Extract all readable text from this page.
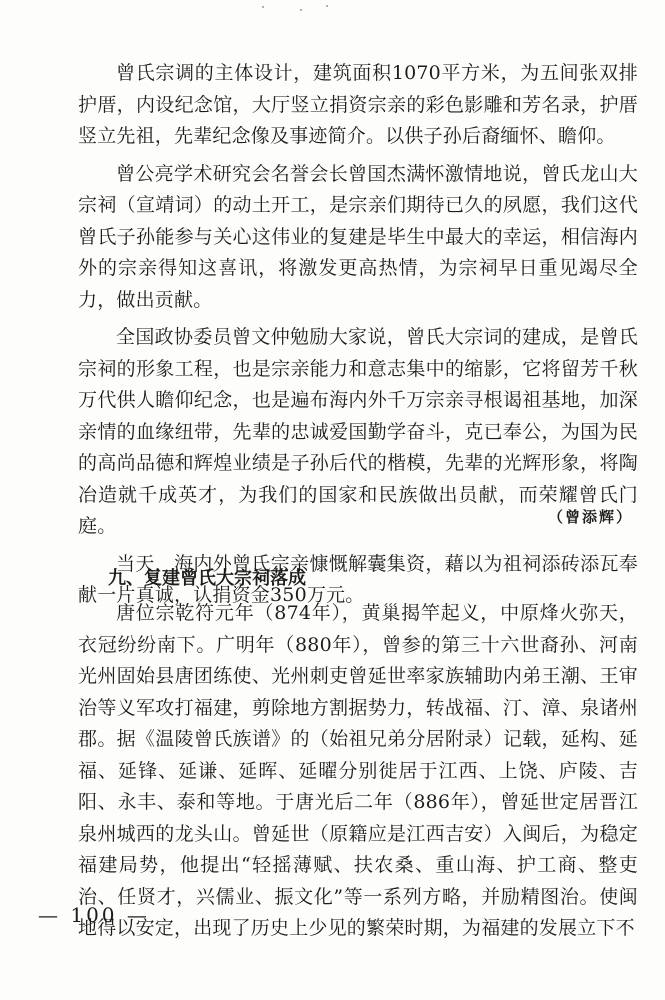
曾氏宗调的主体设计，建筑面积1070平方米，为五间张双排护厝，内设纪念馆，大厅竖立捐资宗亲的彩色影雕和芳名录，护厝竖立先祖，先辈纪念像及事迹简介。以供子孙后裔缅怀、瞻仰。

曾公亮学术研究会名誉会长曾国杰满怀激情地说，曾氏龙山大宗祠（宣靖词）的动土开工，是宗亲们期待已久的夙愿，我们这代曾氏子孙能参与关心这伟业的复建是毕生中最大的幸运，相信海内外的宗亲得知这喜讯，将激发更高热情，为宗祠早日重见竭尽全力，做出贡献。

全国政协委员曾文仲勉励大家说，曾氏大宗词的建成，是曾氏宗祠的形象工程，也是宗亲能力和意志集中的缩影，它将留芳千秋万代供人瞻仰纪念，也是遍布海内外千万宗亲寻根谒祖基地，加深亲情的血缘纽带，先辈的忠诚爱国勤学奋斗，克已奉公，为国为民的高尚品德和辉煌业绩是子孙后代的楷模，先辈的光辉形象，将陶冶造就千成英才，为我们的国家和民族做出员献，而荣耀曾氏门庭。

当天，海内外曾氏宗亲慷慨解囊集资，藉以为祖祠添砖添瓦奉献一片真诚，认捐资金350万元。

（曾添辉）
九、复建曾氏大宗祠落成

唐位宗乾符元年（874年），黄巢揭竿起义，中原烽火弥天，衣冠纷纷南下。广明年（880年），曾参的第三十六世裔孙、河南光州固始县唐团练使、光州刺吏曾延世率家族辅助内弟王潮、王审治等义军攻打福建，剪除地方割据势力，转战福、汀、漳、泉诸州郡。据《温陵曾氏族谱》的（始祖兄弟分居附录）记载，延构、延福、延锋、延谦、延晖、延曜分别徙居于江西、上饶、庐陵、吉阳、永丰、泰和等地。于唐光后二年（886年），曾延世定居晋江泉州城西的龙头山。曾延世（原籍应是江西吉安）入闽后，为稳定福建局势，他提出“轻摇薄赋、扶农桑、重山海、护工商、整吏治、任贤才，兴儒业、振文化”等一系列方略，并励精图治。使闽地得以安定，出现了历史上少见的繁荣时期，为福建的发展立下不

— 100 —
